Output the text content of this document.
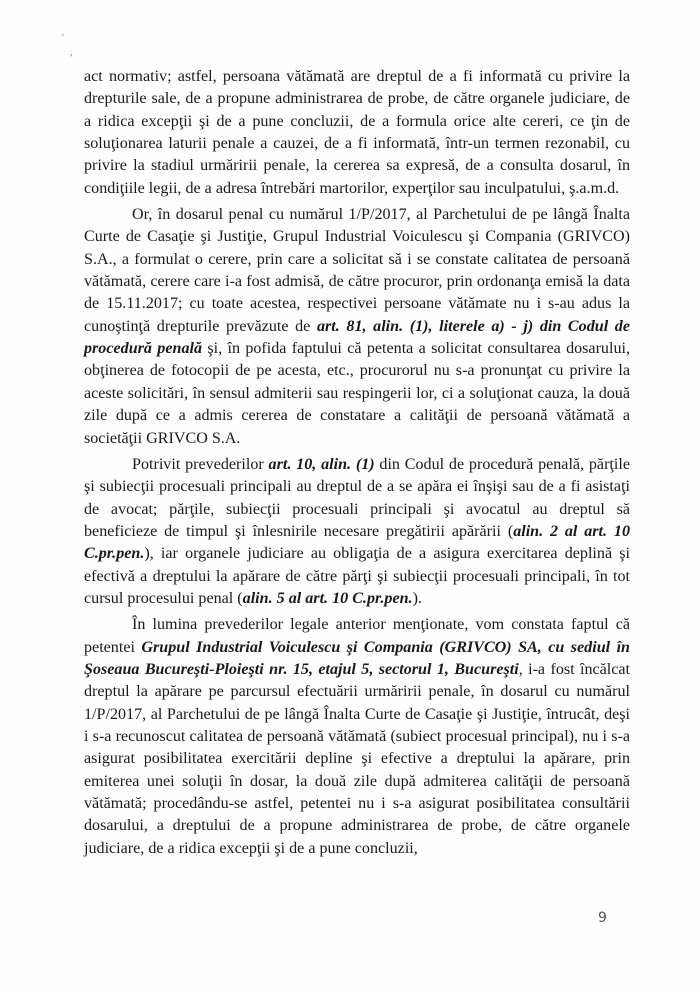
'
,

act normativ; astfel, persoana vătămată are dreptul de a fi informată cu privire la drepturile sale, de a propune administrarea de probe, de către organele judiciare, de a ridica excepţii şi de a pune concluzii, de a formula orice alte cereri, ce ţin de soluţionarea laturii penale a cauzei, de a fi informată, într-un termen rezonabil, cu privire la stadiul urmăririi penale, la cererea sa expresă, de a consulta dosarul, în condiţiile legii, de a adresa întrebări martorilor, experţilor sau inculpatului, ş.a.m.d.

Or, în dosarul penal cu numărul 1/P/2017, al Parchetului de pe lângă Înalta Curte de Casaţie şi Justiţie, Grupul Industrial Voiculescu şi Compania (GRIVCO) S.A., a formulat o cerere, prin care a solicitat să i se constate calitatea de persoană vătămată, cerere care i-a fost admisă, de către procuror, prin ordonanţa emisă la data de 15.11.2017; cu toate acestea, respectivei persoane vătămate nu i s-au adus la cunoştinţă drepturile prevăzute de art. 81, alin. (1), literele a) - j) din Codul de procedură penală şi, în pofida faptului că petenta a solicitat consultarea dosarului, obţinerea de fotocopii de pe acesta, etc., procurorul nu s-a pronunţat cu privire la aceste solicitări, în sensul admiterii sau respingerii lor, ci a soluţionat cauza, la două zile după ce a admis cererea de constatare a calităţii de persoană vătămată a societăţii GRIVCO S.A.

Potrivit prevederilor art. 10, alin. (1) din Codul de procedură penală, părţile şi subiecţii procesuali principali au dreptul de a se apăra ei înşişi sau de a fi asistaţi de avocat; părţile, subiecţii procesuali principali şi avocatul au dreptul să beneficieze de timpul şi înlesnirile necesare pregătirii apărării (alin. 2 al art. 10 C.pr.pen.), iar organele judiciare au obligaţia de a asigura exercitarea deplină şi efectivă a dreptului la apărare de către părţi şi subiecţii procesuali principali, în tot cursul procesului penal (alin. 5 al art. 10 C.pr.pen.).

În lumina prevederilor legale anterior menţionate, vom constata faptul că petentei Grupul Industrial Voiculescu şi Compania (GRIVCO) SA, cu sediul în Şoseaua Bucureşti-Ploieşti nr. 15, etajul 5, sectorul 1, Bucureşti, i-a fost încălcat dreptul la apărare pe parcursul efectuării urmăririi penale, în dosarul cu numărul 1/P/2017, al Parchetului de pe lângă Înalta Curte de Casaţie şi Justiţie, întrucât, deşi i s-a recunoscut calitatea de persoană vătămată (subiect procesual principal), nu i s-a asigurat posibilitatea exercitării depline şi efective a dreptului la apărare, prin emiterea unei soluţii în dosar, la două zile după admiterea calităţii de persoană vătămată; procedându-se astfel, petentei nu i s-a asigurat posibilitatea consultării dosarului, a dreptului de a propune administrarea de probe, de către organele judiciare, de a ridica excepţii şi de a pune concluzii,

9
